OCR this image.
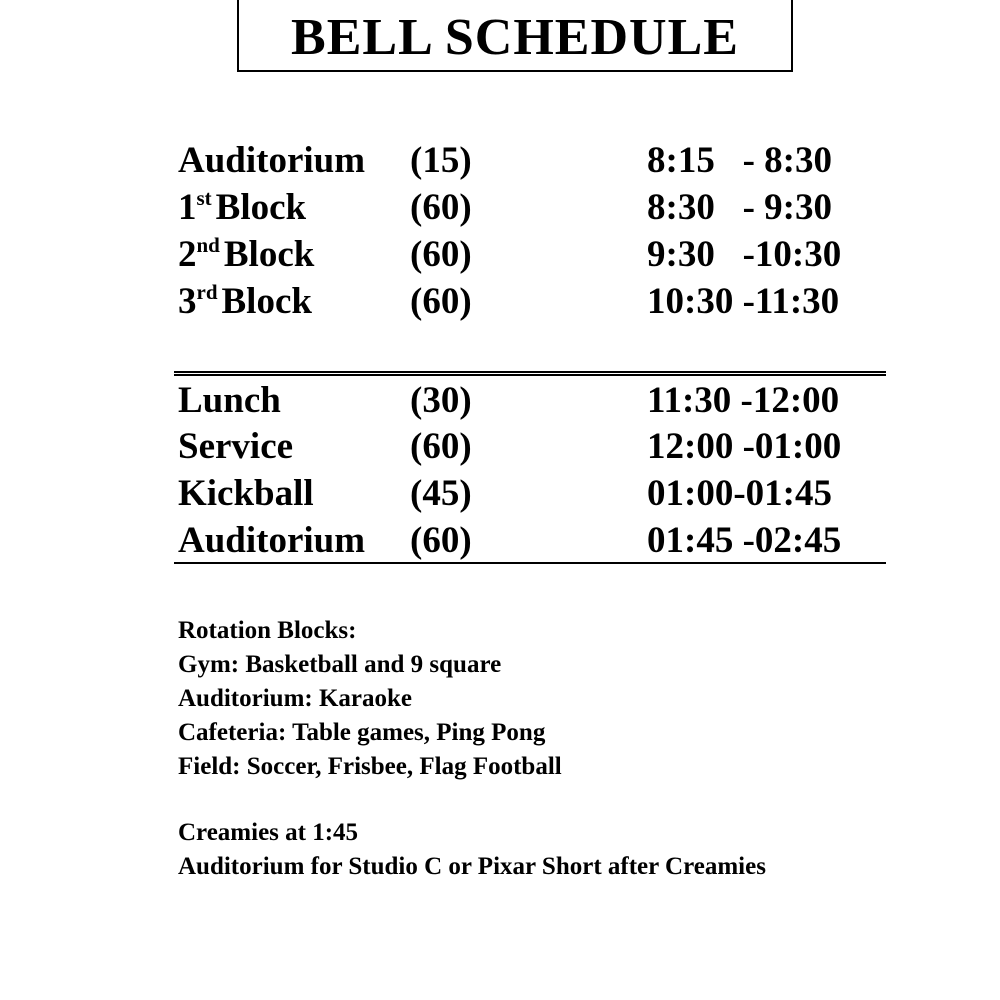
BELL SCHEDULE
Auditorium (15)	8:15   - 8:30
1st Block	(60)	8:30   - 9:30
2nd Block	(60)	9:30   -10:30
3rd Block	(60)	10:30 -11:30
Lunch	(30)	11:30 -12:00
Service	(60)	12:00 -01:00
Kickball	(45)	01:00-01:45
Auditorium (60)	01:45 -02:45
Rotation Blocks:
Gym: Basketball and 9 square
Auditorium: Karaoke
Cafeteria: Table games, Ping Pong
Field: Soccer, Frisbee, Flag Football
Creamies at 1:45
Auditorium for Studio C or Pixar Short after Creamies
